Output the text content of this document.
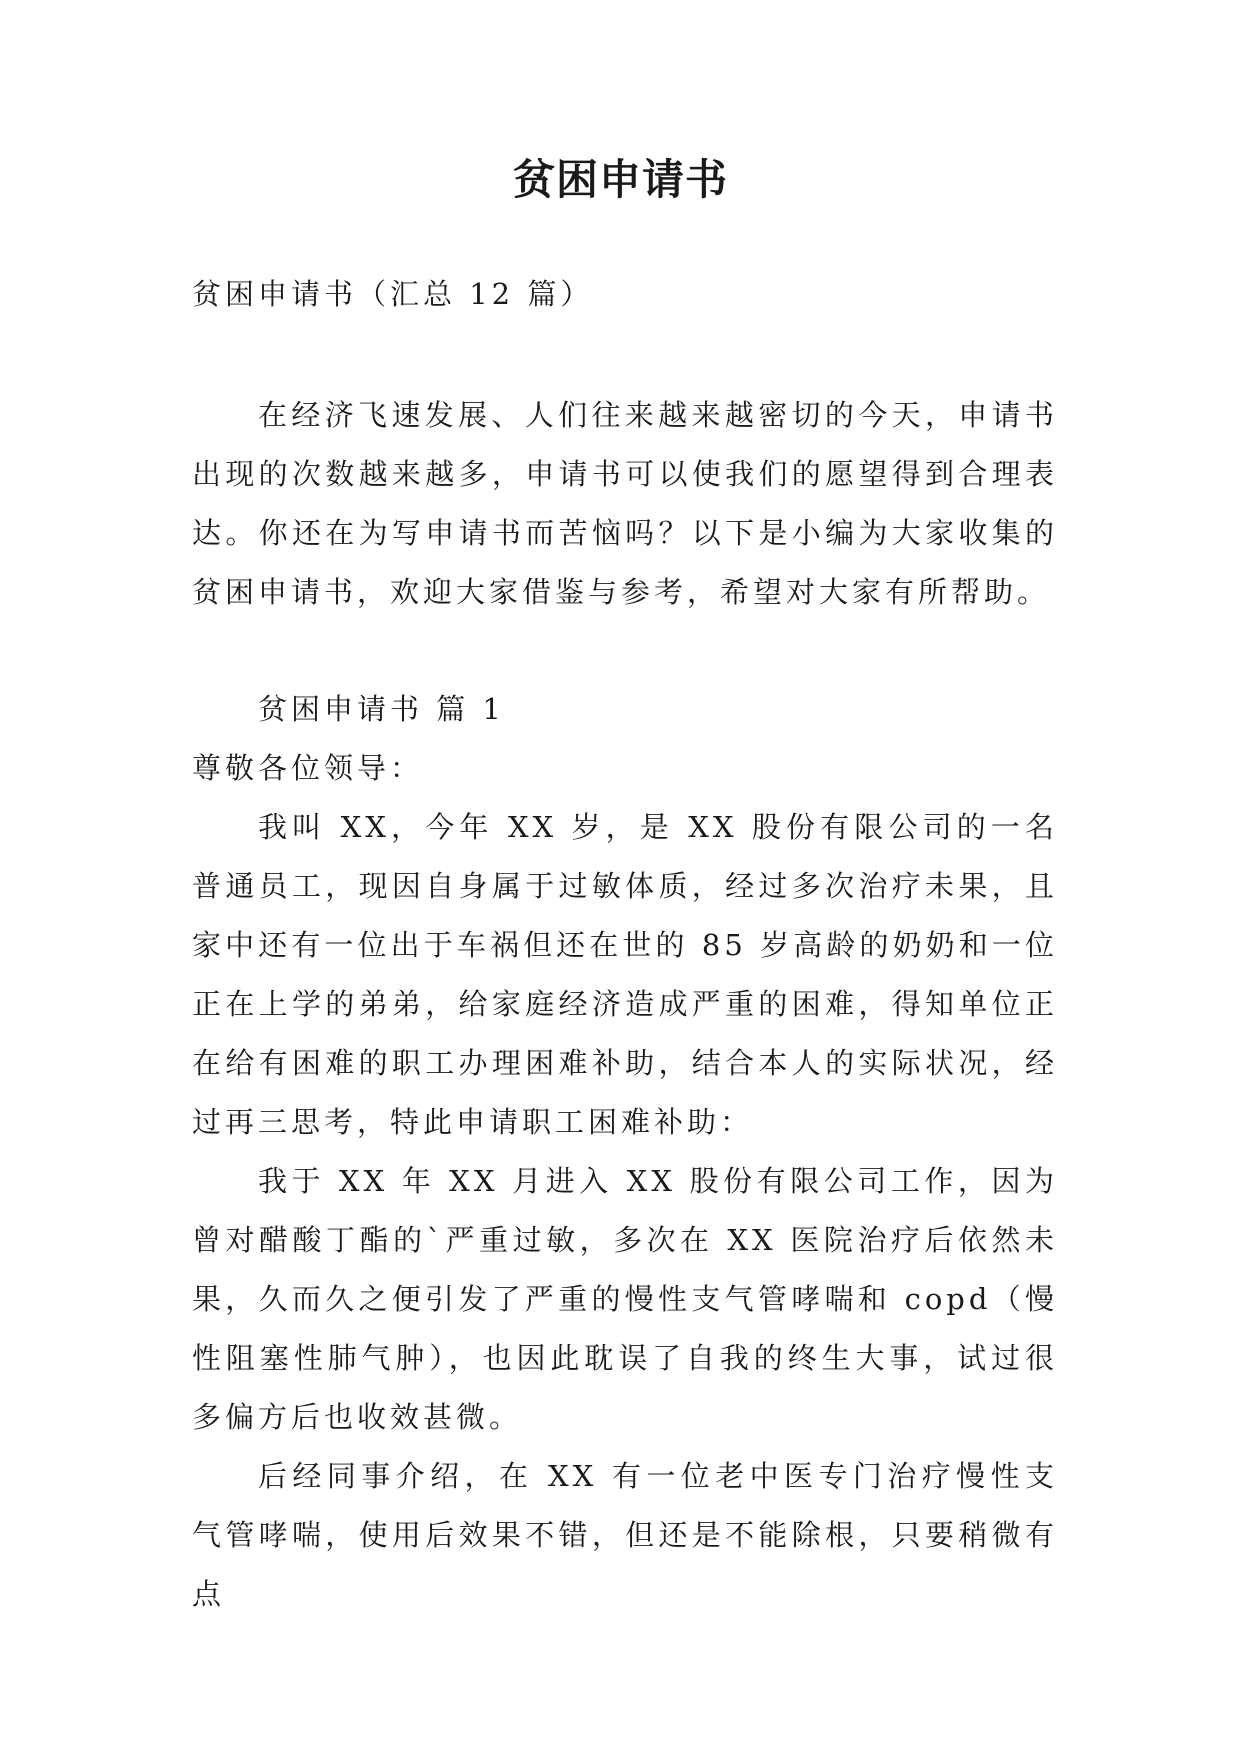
贫困申请书

贫困申请书（汇总 12 篇）

在经济飞速发展、人们往来越来越密切的今天，申请书出现的次数越来越多，申请书可以使我们的愿望得到合理表达。你还在为写申请书而苦恼吗？以下是小编为大家收集的贫困申请书，欢迎大家借鉴与参考，希望对大家有所帮助。

贫困申请书 篇 1

尊敬各位领导：

我叫 XX，今年 XX 岁，是 XX 股份有限公司的一名普通员工，现因自身属于过敏体质，经过多次治疗未果，且家中还有一位出于车祸但还在世的 85 岁高龄的奶奶和一位正在上学的弟弟，给家庭经济造成严重的困难，得知单位正在给有困难的职工办理困难补助，结合本人的实际状况，经过再三思考，特此申请职工困难补助：

我于 XX 年 XX 月进入 XX 股份有限公司工作，因为曾对醋酸丁酯的`严重过敏，多次在 XX 医院治疗后依然未果，久而久之便引发了严重的慢性支气管哮喘和 copd（慢性阻塞性肺气肿），也因此耽误了自我的终生大事，试过很多偏方后也收效甚微。

后经同事介绍，在 XX 有一位老中医专门治疗慢性支气管哮喘，使用后效果不错，但还是不能除根，只要稍微有点
